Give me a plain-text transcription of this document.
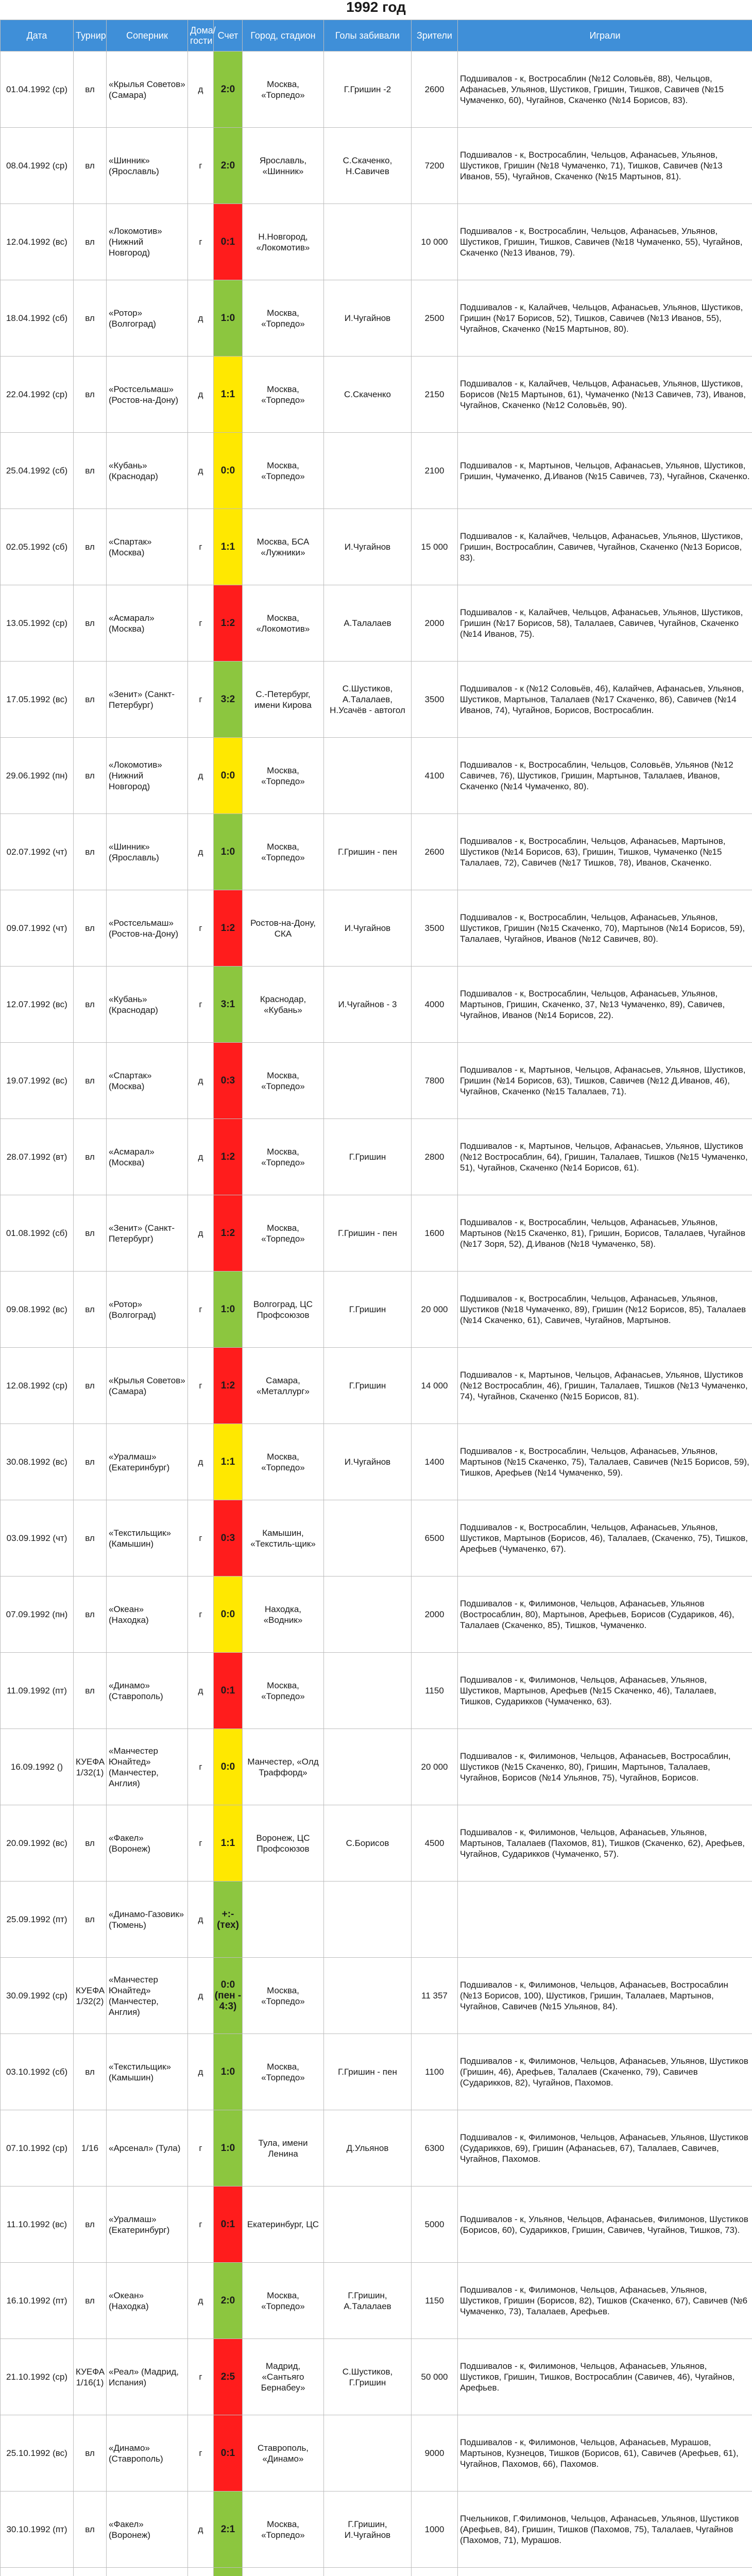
1992 год
Дата	Турнир	Соперник	Дома/ гости	Счет	Город, стадион	Голы забивали	Зрители	Играли
01.04.1992 (ср)	вл	«Крылья Советов» (Самара)	д	2:0	Москва, «Торпедо»	Г.Гришин -2	2600	Подшивалов - к, Востросаблин (№12 Соловьёв, 88), Чельцов, Афанасьев, Ульянов, Шустиков, Гришин, Тишков, Савичев (№15 Чумаченко, 60), Чугайнов, Скаченко (№14 Борисов, 83).
08.04.1992 (ср)	вл	«Шинник» (Ярославль)	г	2:0	Ярославль, «Шинник»	С.Скаченко, Н.Савичев	7200	Подшивалов - к, Востросаблин, Чельцов, Афанасьев, Ульянов, Шустиков, Гришин (№18 Чумаченко, 71), Тишков, Савичев (№13 Иванов, 55), Чугайнов, Скаченко (№15 Мартынов, 81).
12.04.1992 (вс)	вл	«Локомотив» (Нижний Новгород)	г	0:1	Н.Новгород, «Локомотив»		10 000	Подшивалов - к, Востросаблин, Чельцов, Афанасьев, Ульянов, Шустиков, Гришин, Тишков, Савичев (№18 Чумаченко, 55), Чугайнов, Скаченко (№13 Иванов, 79).
18.04.1992 (сб)	вл	«Ротор» (Волгоград)	д	1:0	Москва, «Торпедо»	И.Чугайнов	2500	Подшивалов - к, Калайчев, Чельцов, Афанасьев, Ульянов, Шустиков, Гришин (№17 Борисов, 52), Тишков, Савичев (№13 Иванов, 55), Чугайнов, Скаченко (№15 Мартынов, 80).
22.04.1992 (ср)	вл	«Ростсельмаш» (Ростов-на-Дону)	д	1:1	Москва, «Торпедо»	С.Скаченко	2150	Подшивалов - к, Калайчев, Чельцов, Афанасьев, Ульянов, Шустиков, Борисов (№15 Мартынов, 61), Чумаченко (№13 Савичев, 73), Иванов, Чугайнов, Скаченко (№12 Соловьёв, 90).
25.04.1992 (сб)	вл	«Кубань» (Краснодар)	д	0:0	Москва, «Торпедо»		2100	Подшивалов - к, Мартынов, Чельцов, Афанасьев, Ульянов, Шустиков, Гришин, Чумаченко, Д.Иванов (№15 Савичев, 73), Чугайнов, Скаченко.
02.05.1992 (сб)	вл	«Спартак» (Москва)	г	1:1	Москва, БСА «Лужники»	И.Чугайнов	15 000	Подшивалов - к, Калайчев, Чельцов, Афанасьев, Ульянов, Шустиков, Гришин, Востросаблин, Савичев, Чугайнов, Скаченко (№13 Борисов, 83).
13.05.1992 (ср)	вл	«Асмарал» (Москва)	г	1:2	Москва, «Локомотив»	А.Талалаев	2000	Подшивалов - к, Калайчев, Чельцов, Афанасьев, Ульянов, Шустиков, Гришин (№17 Борисов, 58), Талалаев, Савичев, Чугайнов, Скаченко (№14 Иванов, 75).
17.05.1992 (вс)	вл	«Зенит» (Санкт-Петербург)	г	3:2	С.-Петербург, имени Кирова	С.Шустиков, А.Талалаев, Н.Усачёв - автогол	3500	Подшивалов - к (№12 Соловьёв, 46), Калайчев, Афанасьев, Ульянов, Шустиков, Мартынов, Талалаев (№17 Скаченко, 86), Савичев (№14 Иванов, 74), Чугайнов, Борисов, Востросаблин.
29.06.1992 (пн)	вл	«Локомотив» (Нижний Новгород)	д	0:0	Москва, «Торпедо»		4100	Подшивалов - к, Востросаблин, Чельцов, Соловьёв, Ульянов (№12 Савичев, 76), Шустиков, Гришин, Мартынов, Талалаев, Иванов, Скаченко (№14 Чумаченко, 80).
02.07.1992 (чт)	вл	«Шинник» (Ярославль)	д	1:0	Москва, «Торпедо»	Г.Гришин - пен	2600	Подшивалов - к, Востросаблин, Чельцов, Афанасьев, Мартынов, Шустиков (№14 Борисов, 63), Гришин, Тишков, Чумаченко (№15 Талалаев, 72), Савичев (№17 Тишков, 78), Иванов, Скаченко.
09.07.1992 (чт)	вл	«Ростсельмаш» (Ростов-на-Дону)	г	1:2	Ростов-на-Дону, СКА	И.Чугайнов	3500	Подшивалов - к, Востросаблин, Чельцов, Афанасьев, Ульянов, Шустиков, Гришин (№15 Скаченко, 70), Мартынов (№14 Борисов, 59), Талалаев, Чугайнов, Иванов (№12 Савичев, 80).
12.07.1992 (вс)	вл	«Кубань» (Краснодар)	г	3:1	Краснодар, «Кубань»	И.Чугайнов - 3	4000	Подшивалов - к, Востросаблин, Чельцов, Афанасьев, Ульянов, Мартынов, Гришин, Скаченко, 37, №13 Чумаченко, 89), Савичев, Чугайнов, Иванов (№14 Борисов, 22).
19.07.1992 (вс)	вл	«Спартак» (Москва)	д	0:3	Москва, «Торпедо»		7800	Подшивалов - к, Мартынов, Чельцов, Афанасьев, Ульянов, Шустиков, Гришин (№14 Борисов, 63), Тишков, Савичев (№12 Д.Иванов, 46), Чугайнов, Скаченко (№15 Талалаев, 71).
28.07.1992 (вт)	вл	«Асмарал» (Москва)	д	1:2	Москва, «Торпедо»	Г.Гришин	2800	Подшивалов - к, Мартынов, Чельцов, Афанасьев, Ульянов, Шустиков (№12 Востросаблин, 64), Гришин, Талалаев, Тишков (№15 Чумаченко, 51), Чугайнов, Скаченко (№14 Борисов, 61).
01.08.1992 (сб)	вл	«Зенит» (Санкт-Петербург)	д	1:2	Москва, «Торпедо»	Г.Гришин - пен	1600	Подшивалов - к, Востросаблин, Чельцов, Афанасьев, Ульянов, Мартынов (№15 Скаченко, 81), Гришин, Борисов, Талалаев, Чугайнов (№17 Зоря, 52), Д.Иванов (№18 Чумаченко, 58).
09.08.1992 (вс)	вл	«Ротор» (Волгоград)	г	1:0	Волгоград, ЦС Профсоюзов	Г.Гришин	20 000	Подшивалов - к, Востросаблин, Чельцов, Афанасьев, Ульянов, Шустиков (№18 Чумаченко, 89), Гришин (№12 Борисов, 85), Талалаев (№14 Скаченко, 61), Савичев, Чугайнов, Мартынов.
12.08.1992 (ср)	вл	«Крылья Советов» (Самара)	г	1:2	Самара, «Металлург»	Г.Гришин	14 000	Подшивалов - к, Мартынов, Чельцов, Афанасьев, Ульянов, Шустиков (№12 Востросаблин, 46), Гришин, Талалаев, Тишков (№13 Чумаченко, 74), Чугайнов, Скаченко (№15 Борисов, 81).
30.08.1992 (вс)	вл	«Уралмаш» (Екатеринбург)	д	1:1	Москва, «Торпедо»	И.Чугайнов	1400	Подшивалов - к, Востросаблин, Чельцов, Афанасьев, Ульянов, Мартынов (№15 Скаченко, 75), Талалаев, Савичев (№15 Борисов, 59), Тишков, Арефьев (№14 Чумаченко, 59).
03.09.1992 (чт)	вл	«Текстильщик» (Камышин)	г	0:3	Камышин, «Текстиль-щик»		6500	Подшивалов - к, Востросаблин, Чельцов, Афанасьев, Ульянов, Шустиков, Мартынов (Борисов, 46), Талалаев, (Скаченко, 75), Тишков, Арефьев (Чумаченко, 67).
07.09.1992 (пн)	вл	«Океан» (Находка)	г	0:0	Находка, «Водник»		2000	Подшивалов - к, Филимонов, Чельцов, Афанасьев, Ульянов (Востросаблин, 80), Мартынов, Арефьев, Борисов (Судариков, 46), Талалаев (Скаченко, 85), Тишков, Чумаченко.
11.09.1992 (пт)	вл	«Динамо» (Ставрополь)	д	0:1	Москва, «Торпедо»		1150	Подшивалов - к, Филимонов, Чельцов, Афанасьев, Ульянов, Шустиков, Мартынов, Арефьев (№15 Скаченко, 46), Талалаев, Тишков, Сударикков (Чумаченко, 63).
16.09.1992 ()	КУЕФА 1/32(1)	«Манчестер Юнайтед» (Манчестер, Англия)	г	0:0	Манчестер, «Олд Траффорд»		20 000	Подшивалов - к, Филимонов, Чельцов, Афанасьев, Востросаблин, Шустиков (№15 Скаченко, 80), Гришин, Мартынов, Талалаев, Чугайнов, Борисов (№14 Ульянов, 75), Чугайнов, Борисов.
20.09.1992 (вс)	вл	«Факел» (Воронеж)	г	1:1	Воронеж, ЦС Профсоюзов	С.Борисов	4500	Подшивалов - к, Филимонов, Чельцов, Афанасьев, Ульянов, Мартынов, Талалаев (Пахомов, 81), Тишков (Скаченко, 62), Арефьев, Чугайнов, Сударикков (Чумаченко, 57).
25.09.1992 (пт)	вл	«Динамо-Газовик» (Тюмень)	д	+:- (тех)				
30.09.1992 (ср)	КУЕФА 1/32(2)	«Манчестер Юнайтед» (Манчестер, Англия)	д	0:0 (пен - 4:3)	Москва, «Торпедо»		11 357	Подшивалов - к, Филимонов, Чельцов, Афанасьев, Востросаблин (№13 Борисов, 100), Шустиков, Гришин, Талалаев, Мартынов, Чугайнов, Савичев (№15 Ульянов, 84).
03.10.1992 (сб)	вл	«Текстильщик» (Камышин)	д	1:0	Москва, «Торпедо»	Г.Гришин - пен	1100	Подшивалов - к, Филимонов, Чельцов, Афанасьев, Ульянов, Шустиков (Гришин, 46), Арефьев, Талалаев (Скаченко, 79), Савичев (Сударикков, 82), Чугайнов, Пахомов.
07.10.1992 (ср)	1/16	«Арсенал» (Тула)	г	1:0	Тула, имени Ленина	Д.Ульянов	6300	Подшивалов - к, Филимонов, Чельцов, Афанасьев, Ульянов, Шустиков (Сударикков, 69), Гришин (Афанасьев, 67), Талалаев, Савичев, Чугайнов, Пахомов.
11.10.1992 (вс)	вл	«Уралмаш» (Екатеринбург)	г	0:1	Екатеринбург, ЦС		5000	Подшивалов - к, Ульянов, Чельцов, Афанасьев, Филимонов, Шустиков (Борисов, 60), Сударикков, Гришин, Савичев, Чугайнов, Тишков, 73).
16.10.1992 (пт)	вл	«Океан» (Находка)	д	2:0	Москва, «Торпедо»	Г.Гришин, А.Талалаев	1150	Подшивалов - к, Филимонов, Чельцов, Афанасьев, Ульянов, Шустиков, Гришин (Борисов, 82), Тишков (Скаченко, 67), Савичев (№6 Чумаченко, 73), Талалаев, Арефьев.
21.10.1992 (ср)	КУЕФА 1/16(1)	«Реал» (Мадрид, Испания)	г	2:5	Мадрид, «Сантьяго Бернабеу»	С.Шустиков, Г.Гришин	50 000	Подшивалов - к, Филимонов, Чельцов, Афанасьев, Ульянов, Шустиков, Гришин, Тишков, Востросаблин (Савичев, 46), Чугайнов, Арефьев.
25.10.1992 (вс)	вл	«Динамо» (Ставрополь)	г	0:1	Ставрополь, «Динамо»		9000	Подшивалов - к, Филимонов, Чельцов, Афанасьев, Мурашов, Мартынов, Кузнецов, Тишков (Борисов, 61), Савичев (Арефьев, 61), Чугайнов, Пахомов, 66), Пахомов.
30.10.1992 (пт)	вл	«Факел» (Воронеж)	д	2:1	Москва, «Торпедо»	Г.Гришин, И.Чугайнов	1000	Пчельников, Г.Филимонов, Чельцов, Афанасьев, Ульянов, Шустиков (Арефьев, 84), Гришин, Тишков (Пахомов, 75), Талалаев, Чугайнов (Пахомов, 71), Мурашов.
